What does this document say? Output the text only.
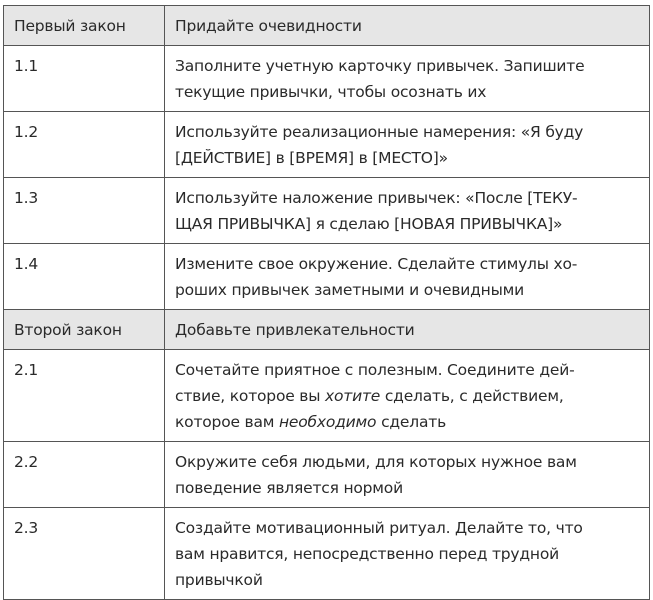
Первый закон	Придайте очевидности
1.1	Заполните учетную карточку привычек. Запишите
текущие привычки, чтобы осознать их

1.2	Используйте реализационные намерения: «Я буду
[ДЕЙСТВИЕ] в [ВРЕМЯ] в [МЕСТО]»

1.3	Используйте наложение привычек: «После [ТЕКУ-
ЩАЯ ПРИВЫЧКА] я сделаю [НОВАЯ ПРИВЫЧКА]»

1.4	Измените свое окружение. Сделайте стимулы хо-
роших привычек заметными и очевидными

Второй закон	Добавьте привлекательности
2.1	Сочетайте приятное с полезным. Соедините дей-
ствие, которое вы хотите сделать, с действием,
которое вам необходимо сделать

2.2	Окружите себя людьми, для которых нужное вам
поведение является нормой

2.3	Создайте мотивационный ритуал. Делайте то, что
вам нравится, непосредственно перед трудной
привычкой
